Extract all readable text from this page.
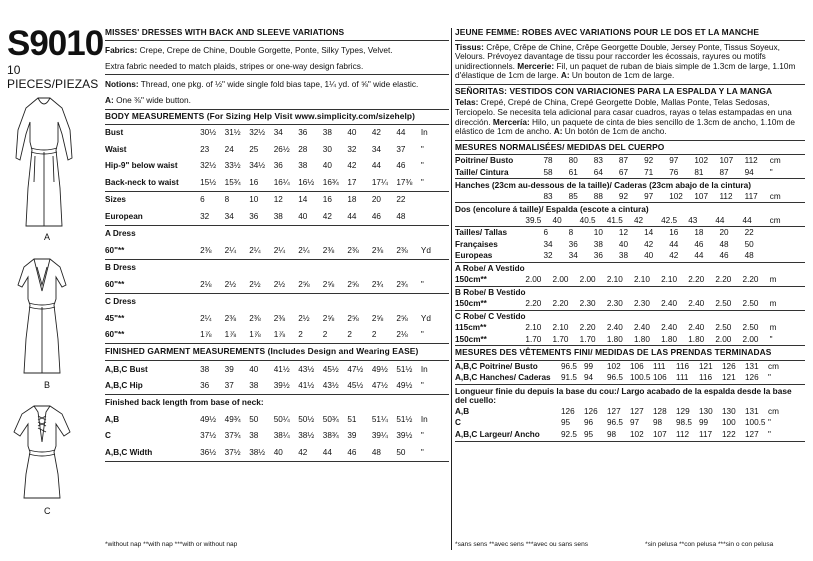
S9010
10 PIECES/PIEZAS
A
B
C
MISSES' DRESSES WITH BACK AND SLEEVE VARIATIONS
Fabrics: Crepe, Crepe de Chine, Double Gorgette, Ponte, Silky Types, Velvet.
Extra fabric needed to match plaids, stripes or one-way design fabrics.
Notions: Thread, one pkg. of ½" wide single fold bias tape, 1¼ yd. of ⅝" wide elastic.
A: One ⅜" wide button.
BODY MEASUREMENTS (For Sizing Help Visit www.simplicity.com/sizehelp)
Bust	30½	31½	32½	34	36	38	40	42	44	In
Waist	23	24	25	26½	28	30	32	34	37	"
Hip-9" below waist	32½	33½	34½	36	38	40	42	44	46	"
Back-neck to waist	15½	15¾	16	16¼	16½	16¾	17	17¼	17⅜	"
Sizes	6	8	10	12	14	16	18	20	22	
European	32	34	36	38	40	42	44	46	48	
A Dress
60"**	2⅜	2¼	2¼	2¼	2¼	2⅜	2⅜	2⅜	2⅜	Yd
B Dress
60"**	2⅛	2½	2½	2½	2⅝	2⅝	2⅝	2¾	2¾	"
C Dress										
45"**	2¼	2⅜	2⅜	2⅜	2½	2⅝	2⅝	2⅝	2⅝	Yd
60"**	1⅞	1⅞	1⅞	1⅞	2	2	2	2	2⅛	"
FINISHED GARMENT MEASUREMENTS (Includes Design and Wearing EASE)
A,B,C Bust	38	39	40	41½	43½	45½	47½	49½	51½	In
A,B,C Hip	36	37	38	39½	41½	43½	45½	47½	49½	"
Finished back length from base of neck:
A,B	49½	49¾	50	50¼	50½	50¾	51	51¼	51½	In
C	37½	37¾	38	38¼	38½	38¾	39	39¼	39½	"
A,B,C Width	36½	37½	38½	40	42	44	46	48	50	"
*without nap **with nap ***with or without nap
JEUNE FEMME: ROBES AVEC VARIATIONS POUR LE DOS ET LA MANCHE
Tissus: Crêpe, Crêpe de Chine, Crêpe Georgette Double, Jersey Ponte, Tissus Soyeux, Velours. Prévoyez davantage de tissu pour raccorder les écossais, rayures ou motifs unidirectionnels. Mercerie: Fil, un paquet de ruban de biais simple de 1.3cm de large, 1.10m d'élastique de 1cm de large. A: Un bouton de 1cm de large.
SEÑORITAS: VESTIDOS CON VARIACIONES PARA LA ESPALDA Y LA MANGA
Telas: Crepé, Crepé de China, Crepé Georgette Doble, Mallas Ponte, Telas Sedosas, Terciopelo. Se necesita tela adicional para casar cuadros, rayas o telas estampadas en una dirección. Mercería: Hilo, un paquete de cinta de bies sencillo de 1.3cm de ancho, 1.10m de elástico de 1cm de ancho. A: Un botón de 1cm de ancho.
MESURES NORMALISÉES/ MEDIDAS DEL CUERPO
Poitrine/ Busto	78	80	83	87	92	97	102	107	112	cm
Taille/ Cintura	58	61	64	67	71	76	81	87	94	"
Hanches (23cm au-dessous de la taille)/ Caderas (23cm abajo de la cintura)
	83	85	88	92	97	102	107	112	117	cm
Dos (encolure á taille)/ Espalda (escote a cintura)
	39.5	40	40.5	41.5	42	42.5	43	44	44	cm
Tailles/ Tallas	6	8	10	12	14	16	18	20	22	
Françaises	34	36	38	40	42	44	46	48	50	
Europeas	32	34	36	38	40	42	44	46	48	
A Robe/ A Vestido
150cm**	2.00	2.00	2.00	2.10	2.10	2.10	2.20	2.20	2.20	m
B Robe/ B Vestido
150cm**	2.20	2.20	2.30	2.30	2.30	2.40	2.40	2.50	2.50	m
C Robe/ C Vestido										
115cm**	2.10	2.10	2.20	2.40	2.40	2.40	2.40	2.50	2.50	m
150cm**	1.70	1.70	1.70	1.80	1.80	1.80	1.80	2.00	2.00	"
MESURES DES VÊTEMENTS FINI/ MEDIDAS DE LAS PRENDAS TERMINADAS
A,B,C Poitrine/ Busto	96.5	99	102	106	111	116	121	126	131	cm
A,B,C Hanches/ Caderas	91.5	94	96.5	100.5	106	111	116	121	126	"
Longueur finie du depuis la base du cou:/ Largo acabado de la espalda desde la base del cuello:
A,B	126	126	127	127	128	129	130	130	131	cm
C	95	96	96.5	97	98	98.5	99	100	100.5	"
A,B,C Largeur/ Ancho	92.5	95	98	102	107	112	117	122	127	"
*sans sens **avec sens ***avec ou sans sens	*sin pelusa **con pelusa ***sin o con pelusa
